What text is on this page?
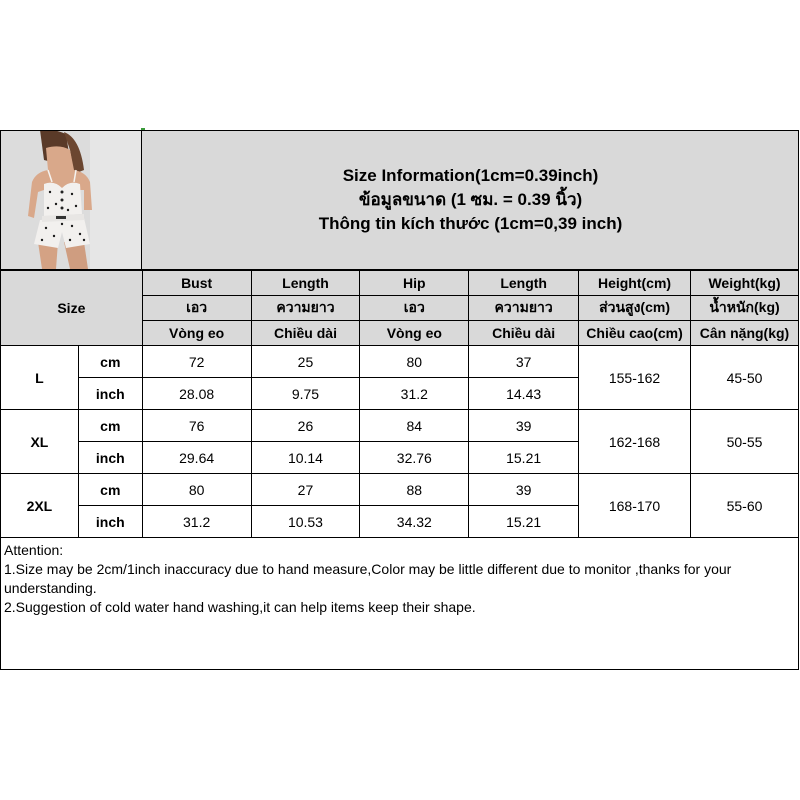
Size Information(1cm=0.39inch)
ข้อมูลขนาด (1 ซม. = 0.39 นิ้ว)
Thông tin kích thước (1cm=0,39 inch)
Size		Bust	Length	Hip	Length	Height(cm)	Weight(kg)
		เอว	ความยาว	เอว	ความยาว	ส่วนสูง(cm)	น้ำหนัก(kg)
		Vòng eo	Chiều dài	Vòng eo	Chiều dài	Chiều cao(cm)	Cân nặng(kg)
L	cm	72	25	80	37	155-162	45-50
	inch	28.08	9.75	31.2	14.43		
XL	cm	76	26	84	39	162-168	50-55
	inch	29.64	10.14	32.76	15.21		
2XL	cm	80	27	88	39	168-170	55-60
	inch	31.2	10.53	34.32	15.21		
Attention:
1.Size may be 2cm/1inch inaccuracy due to hand measure,Color may be little different due to monitor ,thanks for your understanding.
2.Suggestion of cold water hand washing,it can help items keep their shape.
